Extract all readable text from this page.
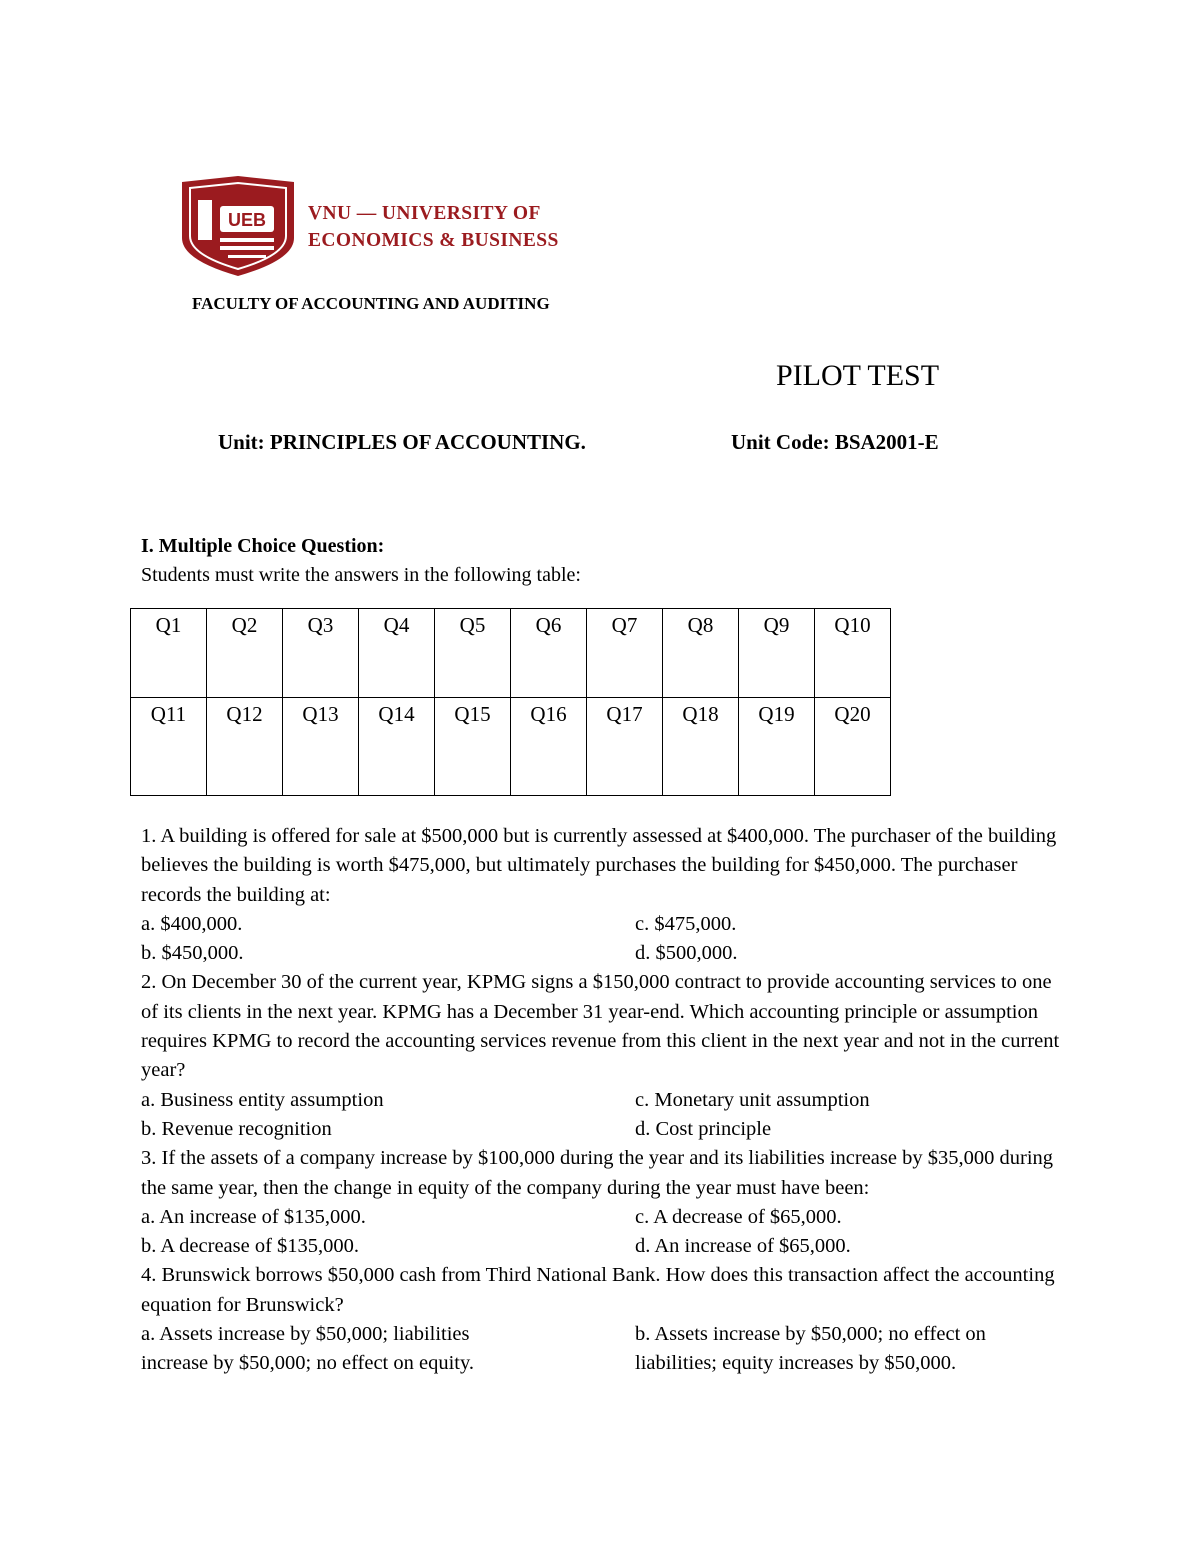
UEB VNU — UNIVERSITY OF
ECONOMICS & BUSINESS
FACULTY OF ACCOUNTING AND AUDITING
PILOT TEST
Unit: PRINCIPLES OF ACCOUNTING.	Unit Code: BSA2001-E
I. Multiple Choice Question:
Students must write the answers in the following table:
Q1	Q2	Q3	Q4	Q5	Q6	Q7	Q8	Q9	Q10
Q11	Q12	Q13	Q14	Q15	Q16	Q17	Q18	Q19	Q20

1. A building is offered for sale at $500,000 but is currently assessed at $400,000. The purchaser of the building believes the building is worth $475,000, but ultimately purchases the building for $450,000. The purchaser records the building at:

a. $400,000.	c. $475,000.
b. $450,000.	d. $500,000.

2. On December 30 of the current year, KPMG signs a $150,000 contract to provide accounting services to one of its clients in the next year. KPMG has a December 31 year-end. Which accounting principle or assumption requires KPMG to record the accounting services revenue from this client in the next year and not in the current year?

a. Business entity assumption	c. Monetary unit assumption
b. Revenue recognition	d. Cost principle

3. If the assets of a company increase by $100,000 during the year and its liabilities increase by $35,000 during the same year, then the change in equity of the company during the year must have been:

a. An increase of $135,000.	c. A decrease of $65,000.
b. A decrease of $135,000.	d. An increase of $65,000.

4. Brunswick borrows $50,000 cash from Third National Bank. How does this transaction affect the accounting equation for Brunswick?

a. Assets increase by $50,000; liabilities increase by $50,000; no effect on equity.
b. Assets increase by $50,000; no effect on liabilities; equity increases by $50,000.
